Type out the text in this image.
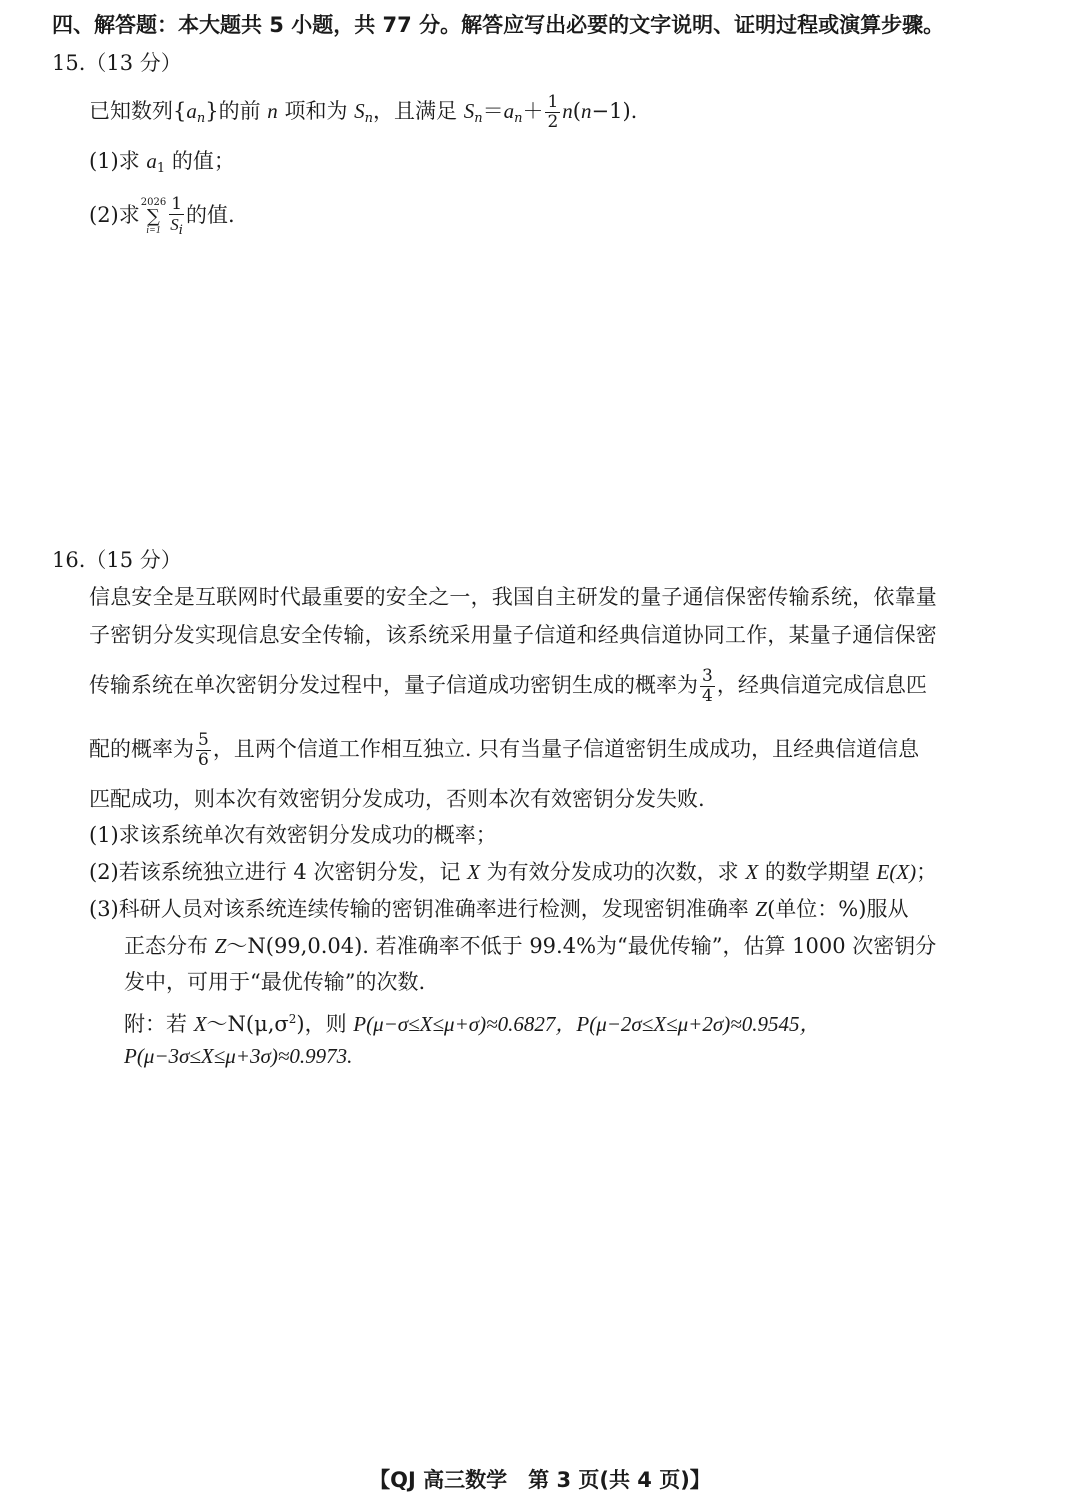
四、解答题：本大题共 5 小题，共 77 分。解答应写出必要的文字说明、证明过程或演算步骤。
15.（13 分）
已知数列$\{a_n\}$的前 n 项和为 $S_n$，且满足 $S_n=a_n+ \frac{1}{2} n(n-1)$.
(1)求 a1 的值；
(2)求
2026
∑
$i=1 \frac{1}{S_i}$ 的值.
16.（15 分）
信息安全是互联网时代最重要的安全之一，我国自主研发的量子通信保密传输系统，依靠量
子密钥分发实现信息安全传输，该系统采用量子信道和经典信道协同工作，某量子通信保密
传输系统在单次密钥分发过程中，量子信道成功密钥生成的概率为 $\frac{3}{4}$ ，经典信道完成信息匹
配的概率为 $\frac{5}{6}$ ，且两个信道工作相互独立. 只有当量子信道密钥生成成功，且经典信道信息
匹配成功，则本次有效密钥分发成功，否则本次有效密钥分发失败.
(1)求该系统单次有效密钥分发成功的概率；
(2)若该系统独立进行 4 次密钥分发，记 X 为有效分发成功的次数，求 X 的数学期望 E(X)；
(3)科研人员对该系统连续传输的密钥准确率进行检测，发现密钥准确率 Z(单位：%)服从
正态分布 Z～N(99,0.04). 若准确率不低于 99.4%为“最优传输”，估算 1000 次密钥分
发中，可用于“最优传输”的次数.
附：若 $X\sim N(\mu,\sigma^2)$，则 P(μ−σ≤X≤μ+σ)≈0.6827，P(μ−2σ≤X≤μ+2σ)≈0.9545，
P(μ−3σ≤X≤μ+3σ)≈0.9973.
【QJ 高三数学　第 3 页(共 4 页)】
